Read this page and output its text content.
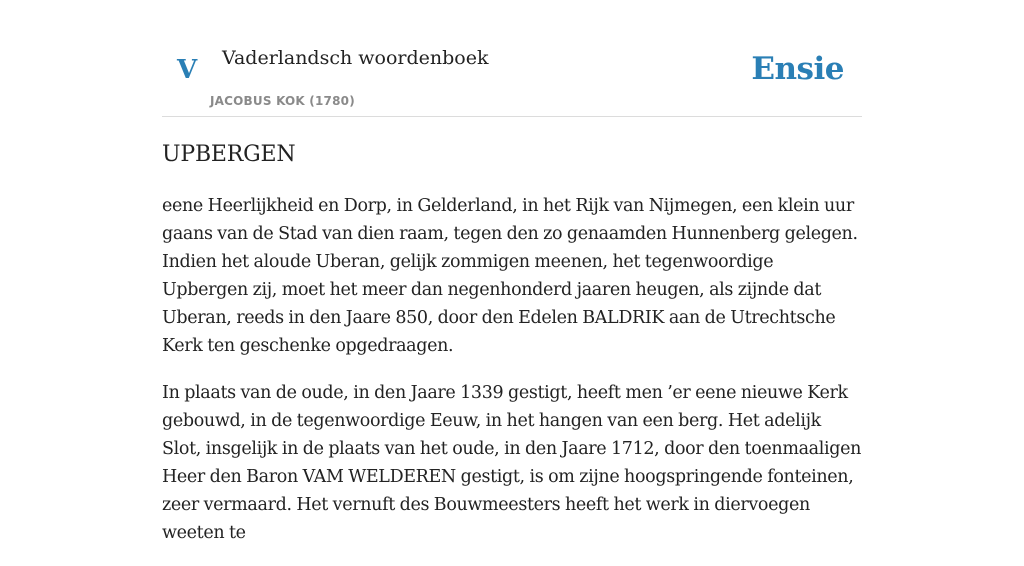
V Vaderlandsch woordenboek
JACOBUS KOK (1780)
Ensie
UPBERGEN

eene Heerlijkheid en Dorp, in Gelderland, in het Rijk van Nijmegen, een klein uur gaans van de Stad van dien raam, tegen den zo genaamden Hunnenberg gelegen. Indien het aloude Uberan, gelijk zommigen meenen, het tegenwoordige Upbergen zij, moet het meer dan negenhonderd jaaren heugen, als zijnde dat Uberan, reeds in den Jaare 850, door den Edelen BALDRIK aan de Utrechtsche Kerk ten geschenke opgedraagen.

In plaats van de oude, in den Jaare 1339 gestigt, heeft men ’er eene nieuwe Kerk gebouwd, in de tegenwoordige Eeuw, in het hangen van een berg. Het adelijk Slot, insgelijk in de plaats van het oude, in den Jaare 1712, door den toenmaaligen Heer den Baron VAM WELDEREN gestigt, is om zijne hoogspringende fonteinen, zeer vermaard. Het vernuft des Bouwmeesters heeft het werk in diervoegen weeten te
